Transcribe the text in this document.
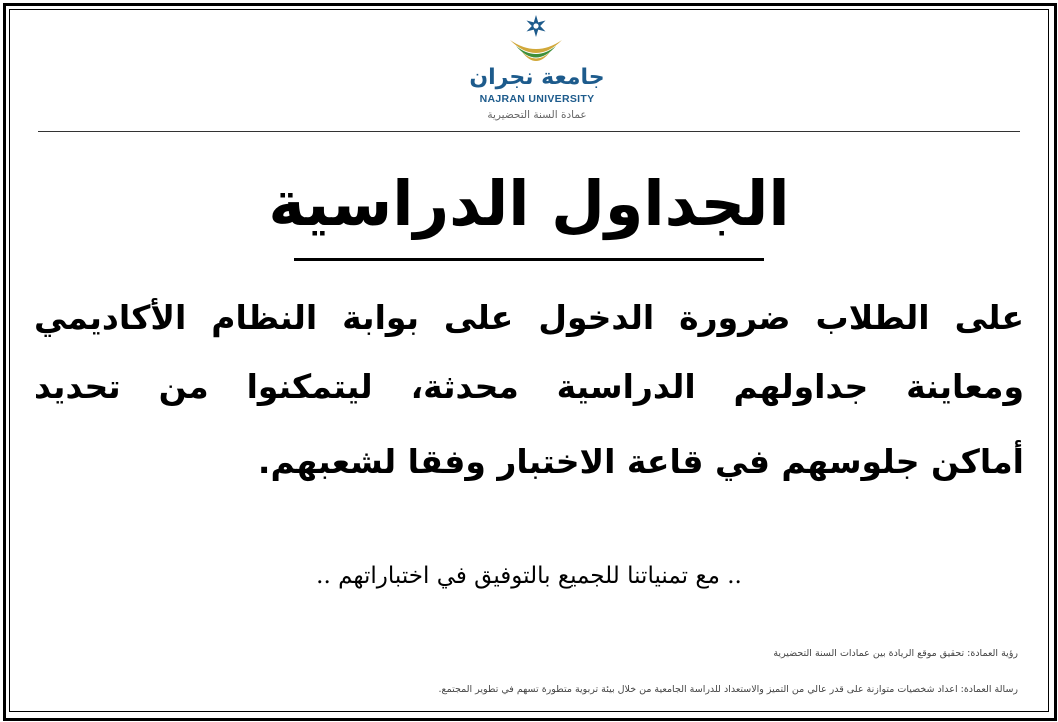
جامعة نجران
NAJRAN UNIVERSITY
عمادة السنة التحضيرية
الجداول الدراسية
على الطلاب ضرورة الدخول على بوابة النظام الأكاديمي
ومعاينة جداولهم الدراسية محدثة، ليتمكنوا من تحديد
أماكن جلوسهم في قاعة الاختبار وفقا لشعبهم.
.. مع تمنياتنا للجميع بالتوفيق في اختباراتهم ..
رؤية العمادة: تحقيق موقع الريادة بين عمادات السنة التحضيرية
رسالة العمادة: اعداد شخصيات متوازنة على قدر عالي من التميز والاستعداد للدراسة الجامعية من خلال بيئة تربوية متطورة تسهم في تطوير المجتمع.
